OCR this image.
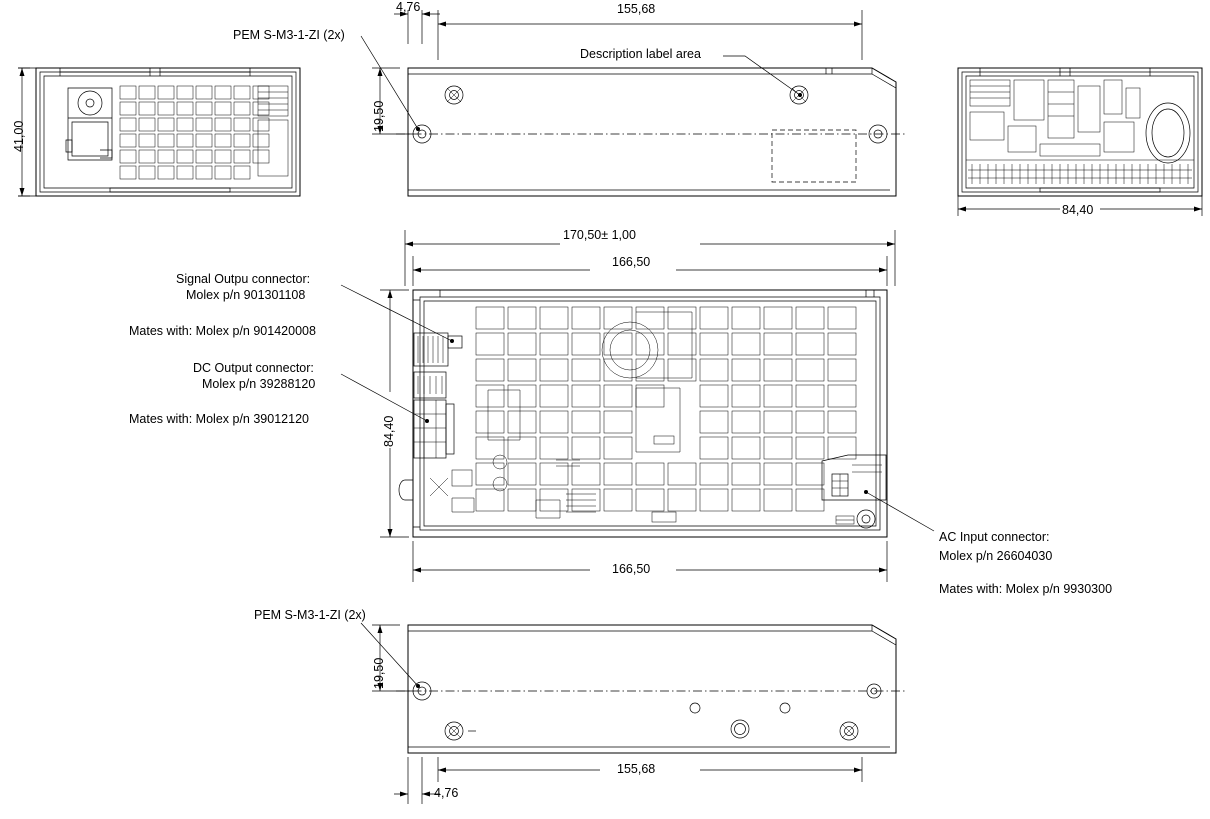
PEM S-M3-1-ZI (2x)
Description label area
Signal Outpu connector:
Molex p/n 901301108
Mates with: Molex p/n 901420008
DC Output connector:
Molex p/n 39288120
Mates with: Molex p/n 39012120
AC Input connector:
Molex p/n 26604030
Mates with: Molex p/n 9930300
PEM S-M3-1-ZI (2x)
41,00
4,76	155,68
19,50
84,40
170,50± 1,00
166,50
166,50
84,40
19,50
155,68
4,76
